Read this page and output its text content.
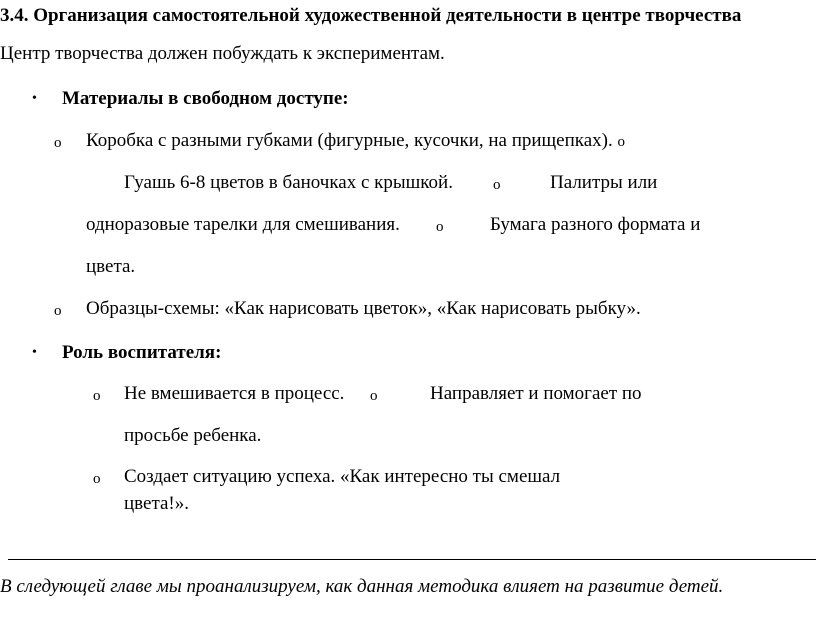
3.4. Организация самостоятельной художественной деятельности в центре творчества
Центр творчества должен побуждать к экспериментам.
• Материалы в свободном доступе:
o Коробка с разными губками (фигурные, кусочки, на прищепках). o
Гуашь 6-8 цветов в баночках с крышкой.	o	Палитры или
одноразовые тарелки для смешивания. o Бумага разного формата и
цвета.
o Образцы-схемы: «Как нарисовать цветок», «Как нарисовать рыбку».
• Роль воспитателя:
o Не вмешивается в процесс. o	Направляет и помогает по
просьбе ребенка.
o Создает ситуацию успеха. «Как интересно ты смешал
цвета!».
В следующей главе мы проанализируем, как данная методика влияет на развитие детей.
